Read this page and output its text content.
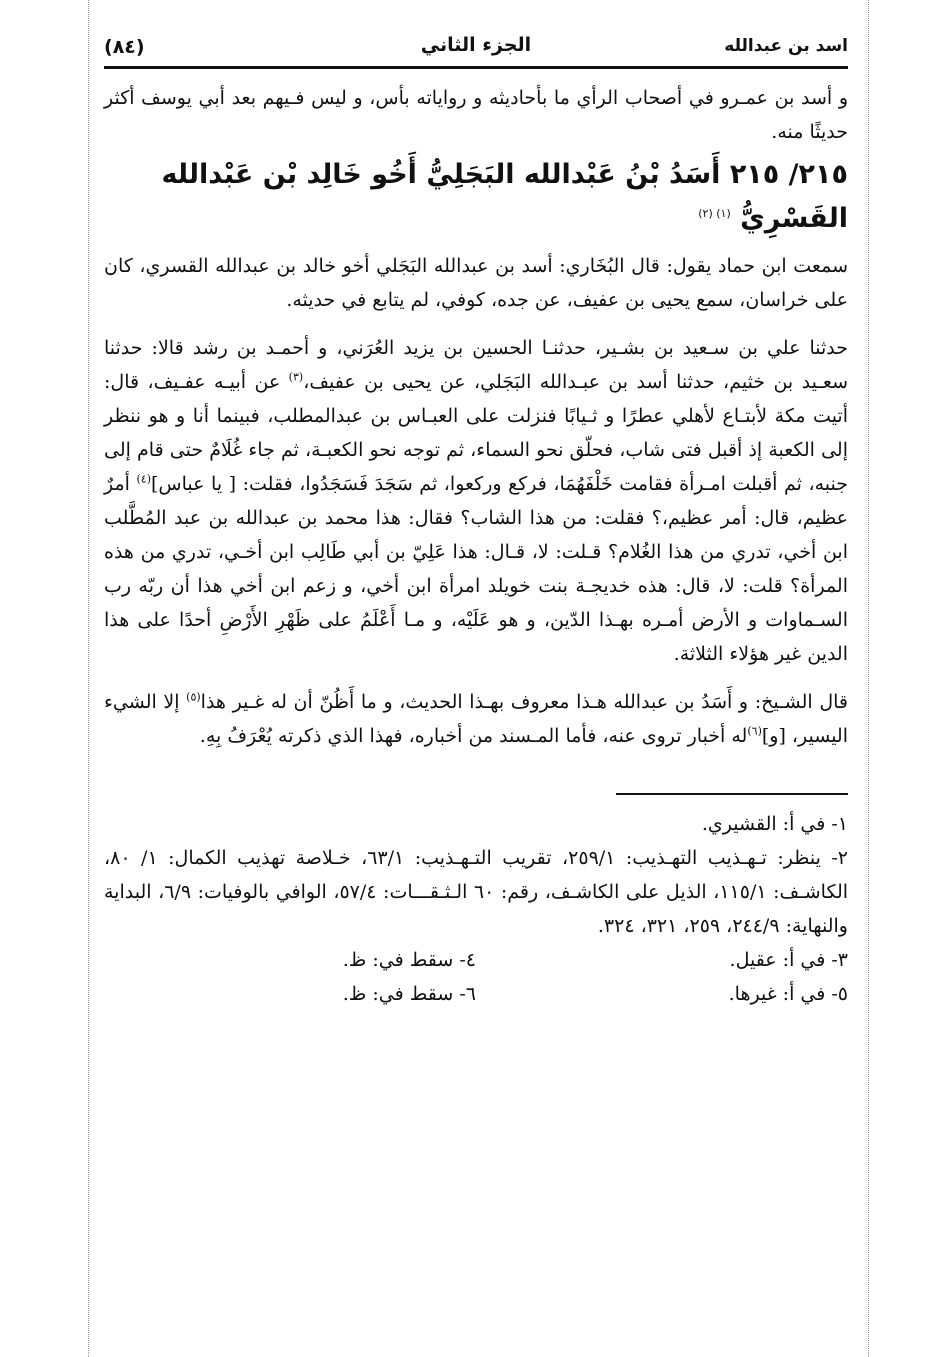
اسد بن عبدالله
الجزء الثاني
(٨٤)

و أسد بن عمـرو في أصحاب الرأي ما بأحاديثه و رواياته بأس، و ليس فـيهم بعد أبي يوسف أكثر حديثًا منه.

٢١٥/ ٢١٥ أَسَدُ بْنُ عَبْدالله البَجَلِيُّ أَخُو خَالِد بْن عَبْدالله القَسْرِيُّ $^{(١) (٢)}$

سمعت ابن حماد يقول: قال البُخَاري: أسد بن عبدالله البَجَلي أخو خالد بن عبدالله القسري، كان على خراسان، سمع يحيى بن عفيف، عن جده، كوفي، لم يتابع في حديثه.

حدثنا علي بن سـعيد بن بشـير، حدثنـا الحسين بن يزيد العُرَني، و أحمـد بن رشد قالا: حدثنا سعـيد بن خثيم، حدثنا أسد بن عبـدالله البَجَلي، عن يحيى بن عفيف،$^{(٣)}$ عن أبيـه عفـيف، قال: أتيت مكة لأبتـاع لأهلي عطرًا و ثـيابًا فنزلت على العبـاس بن عبدالمطلب، فبينما أنا و هو ننظر إلى الكعبة إذ أقبل فتى شاب، فحلّق نحو السماء، ثم توجه نحو الكعبـة، ثم جاء غُلَامٌ حتى قام إلى جنبه، ثم أقبلت امـرأة فقامت خَلْفَهُمَا، فركع وركعوا، ثم سَجَدَ فَسَجَدُوا، فقلت: [ يا عباس]$^{(٤)}$ أمرٌ عظيم، قال: أمر عظيم،؟ فقلت: من هذا الشاب؟ فقال: هذا محمد بن عبدالله بن عبد المُطَّلب ابن أخي، تدري من هذا الغُلام؟ قـلت: لا، قـال: هذا عَلِيّ بن أبي طَالِب ابن أخـي، تدري من هذه المرأة؟ قلت: لا، قال: هذه خديجـة بنت خويلد امرأة ابن أخي، و زعم ابن أخي هذا أن ربّه رب السـماوات و الأرض أمـره بهـذا الدّين، و هو عَلَيْه، و مـا أَعْلَمُ على ظَهْرِ الأَرْضِ أحدًا على هذا الدين غير هؤلاء الثلاثة.

قال الشـيخ: و أَسَدُ بن عبدالله هـذا معروف بهـذا الحديث، و ما أَظُنّ أن له غـير هذا$^{(٥)}$ إلا الشيء اليسير، [و]$^{(٦)}$له أخبار تروى عنه، فأما المـسند من أخباره، فهذا الذي ذكرته يُعْرَفُ بِهِ.

١- في أ: القشيري.

٢- ينظر: تـهـذيب التهـذيب: ٢٥٩/١، تقريب التـهـذيب: ٦٣/١، خـلاصة تهذيب الكمال: ١/ ٨٠، الكاشـف: ١١٥/١، الذيل على الكاشـف، رقم: ٦٠ الـثـقـــات: ٥٧/٤، الوافي بالوفيات: ٦/٩، البداية والنهاية: ٢٤٤/٩، ٢٥٩، ٣٢١، ٣٢٤.

٣- في أ: عقيل.

٤- سقط في: ظ.

٥- في أ: غيرها.

٦- سقط في: ظ.
